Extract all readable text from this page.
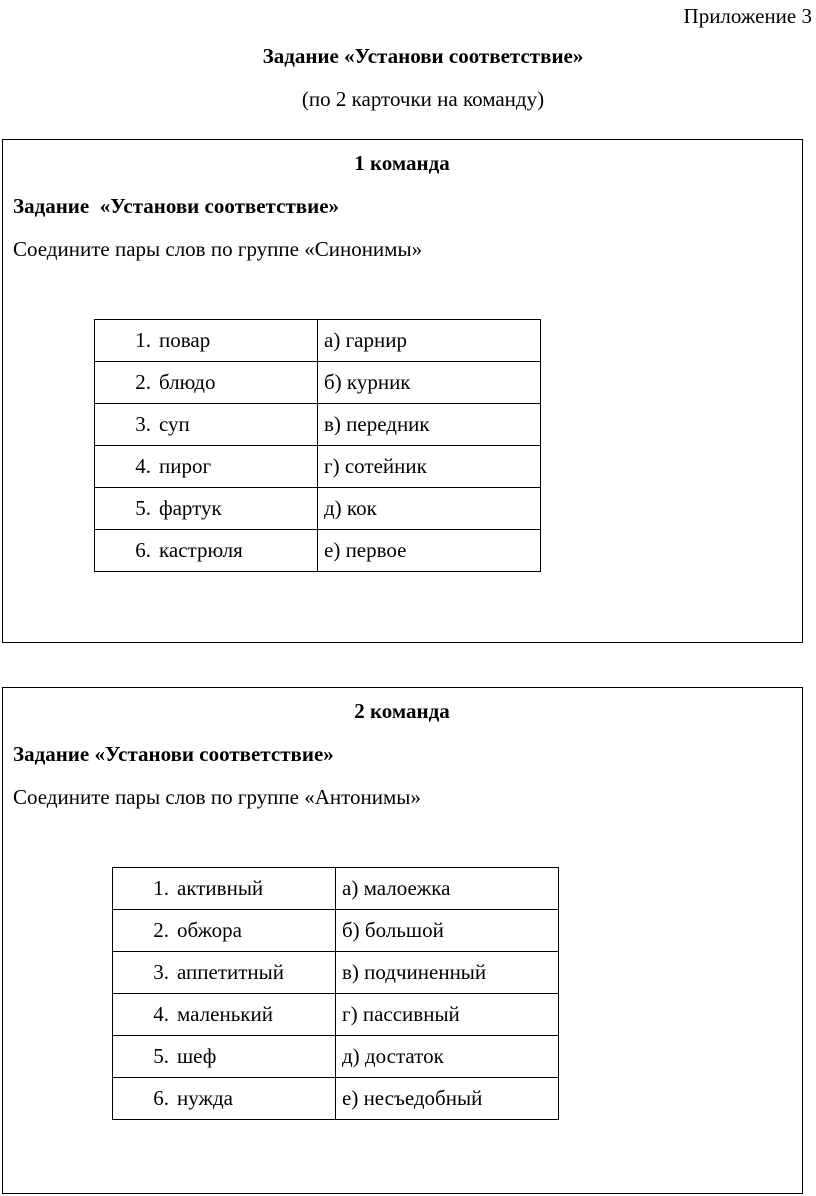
Приложение 3
Задание «Установи соответствие»
(по 2 карточки на команду)
1 команда
Задание  «Установи соответствие»
Соедините пары слов по группе «Синонимы»
1. повар	а) гарнир
2. блюдо	б) курник
3. суп	в) передник
4. пирог	г) сотейник
5. фартук	д) кок
6. кастрюля	е) первое
2 команда
Задание «Установи соответствие»
Соедините пары слов по группе «Антонимы»
1. активный	а) малоежка
2. обжора	б) большой
3. аппетитный	в) подчиненный
4. маленький	г) пассивный
5. шеф	д) достаток
6. нужда	е) несъедобный
